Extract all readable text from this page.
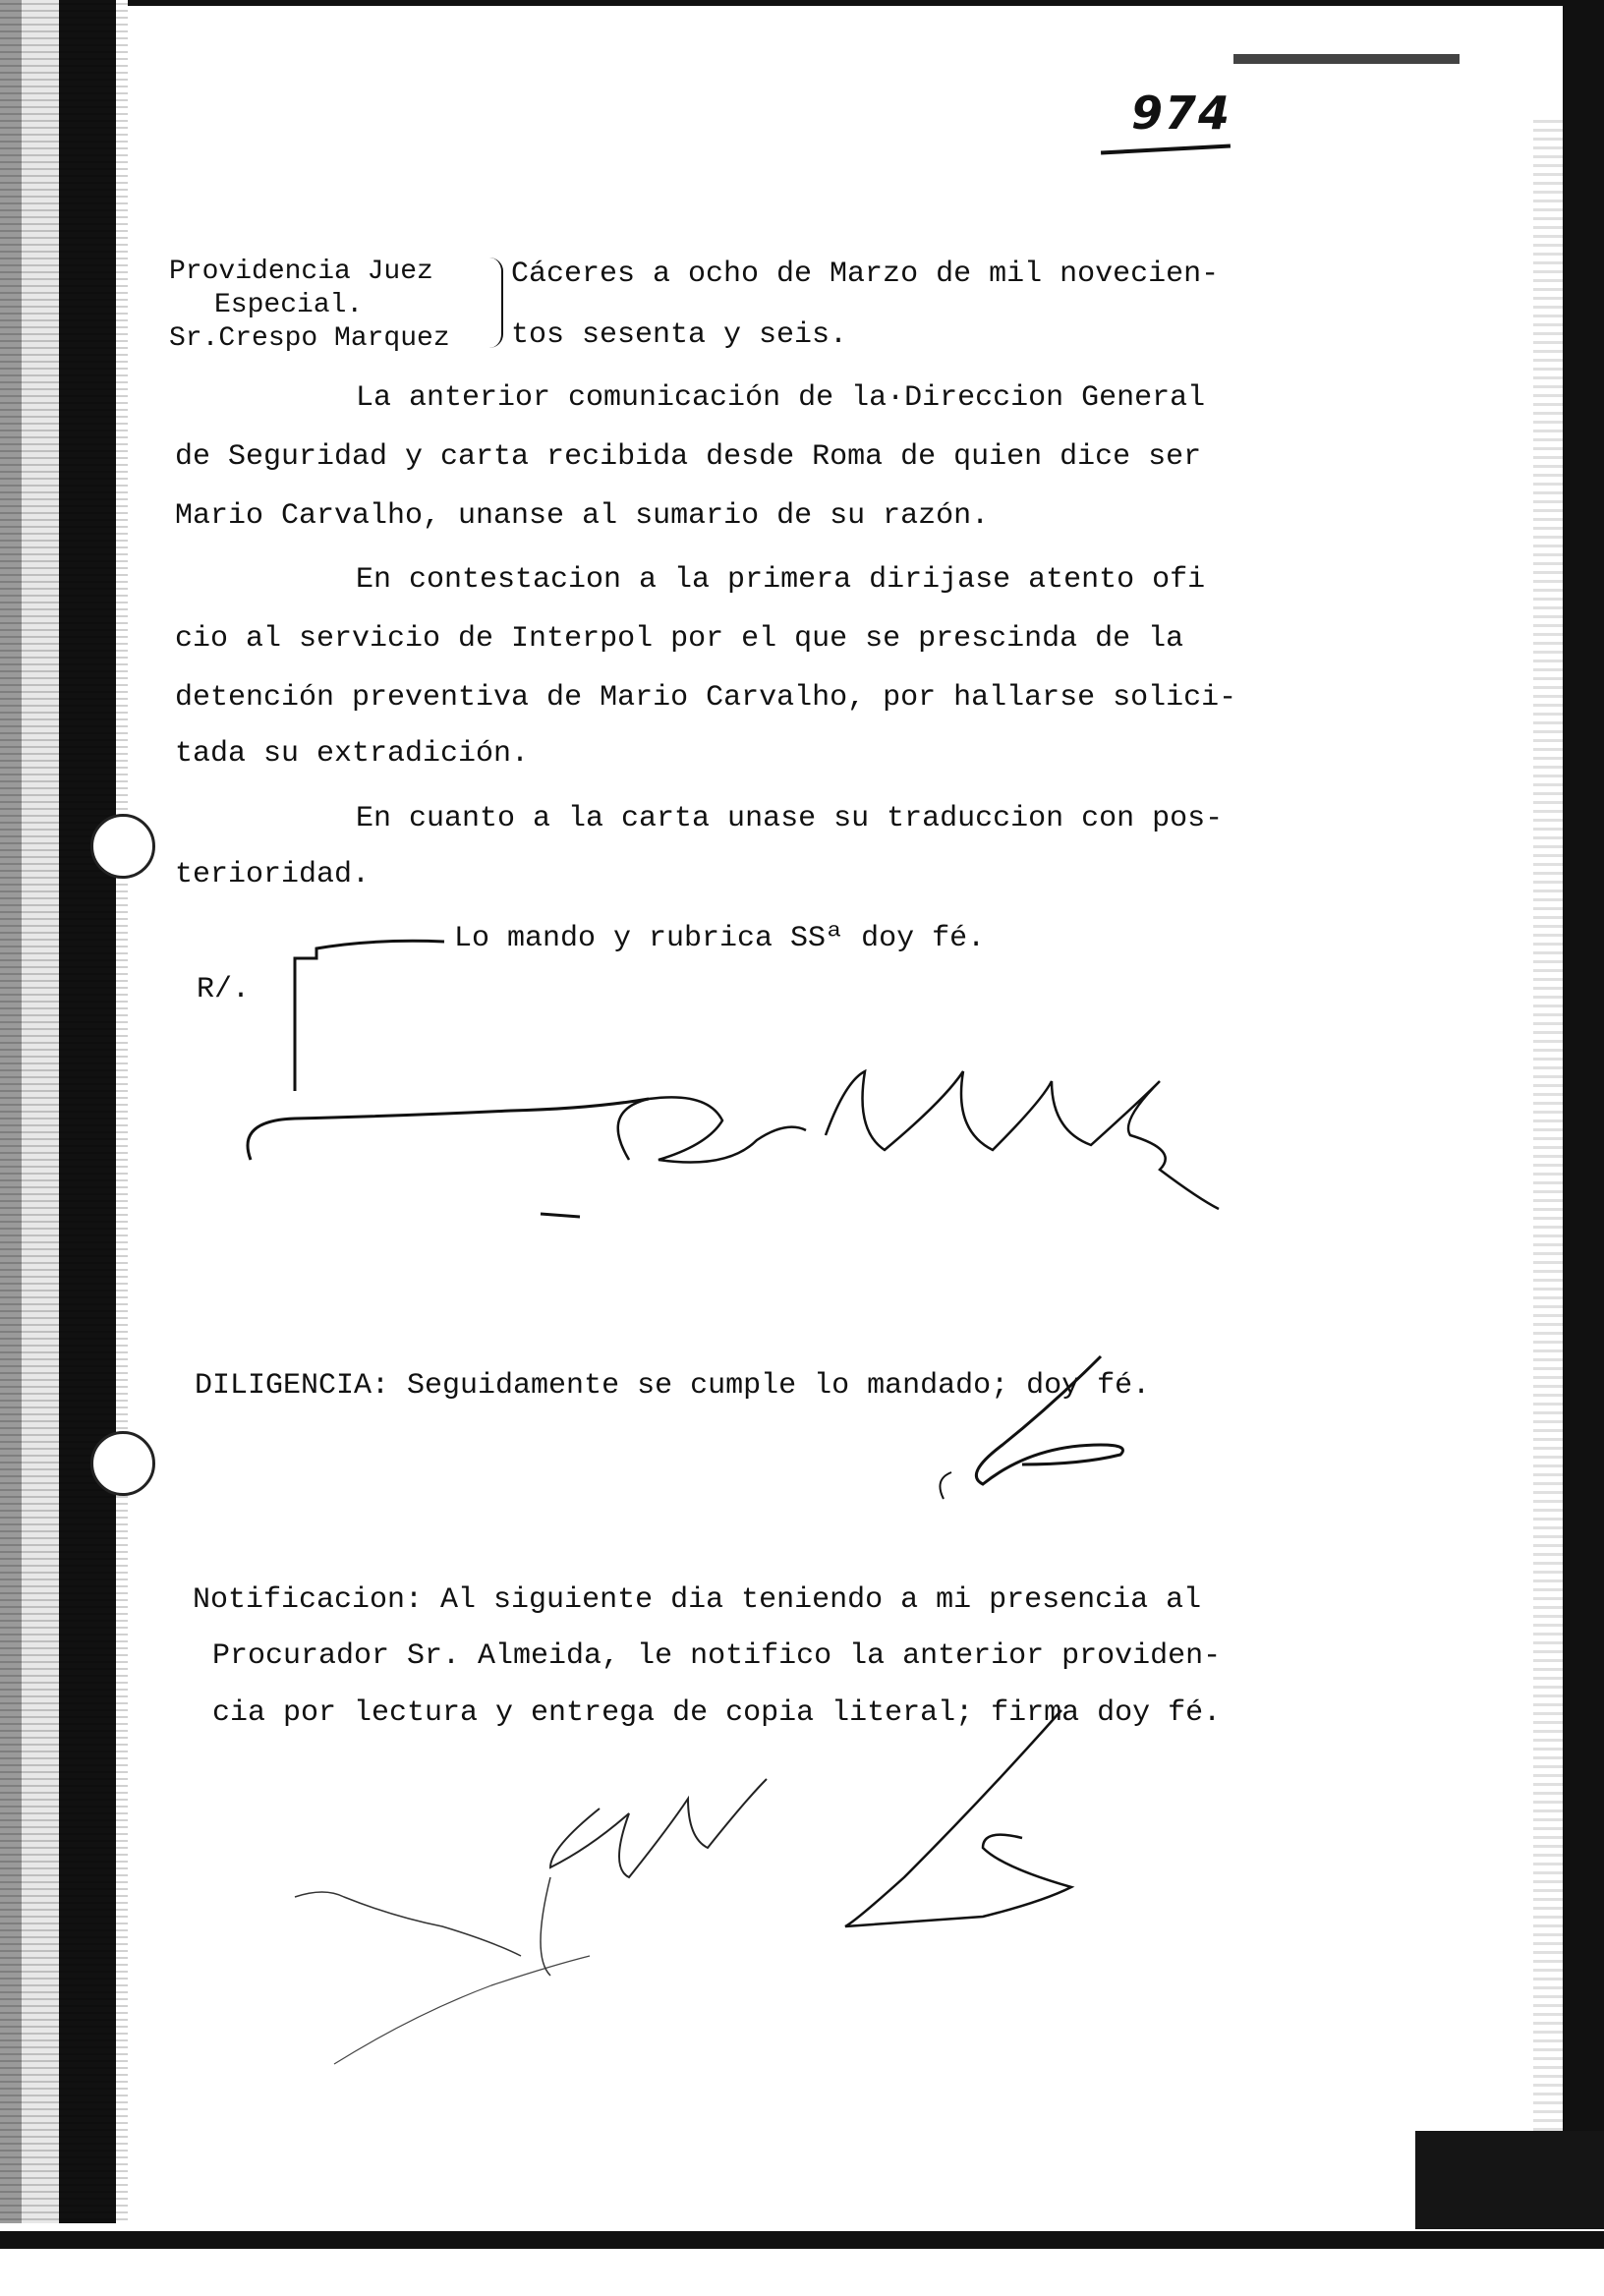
974
Providencia Juez
Especial.
Sr.Crespo Marquez
Cáceres a ocho de Marzo de mil novecien-
tos sesenta y seis.
La anterior comunicación de la·Direccion General
de Seguridad y carta recibida desde Roma de quien dice ser
Mario Carvalho, unanse al sumario de su razón.
En contestacion a la primera dirijase atento ofi
cio al servicio de Interpol por el que se prescinda de la
detención preventiva de Mario Carvalho, por hallarse solici-
tada su extradición.
En cuanto a la carta unase su traduccion con pos-
terioridad.
Lo mando y rubrica SSª doy fé.
R/.
DILIGENCIA: Seguidamente se cumple lo mandado; doy fé.
Notificacion: Al siguiente dia teniendo a mi presencia al
Procurador Sr. Almeida, le notifico la anterior providen-
cia por lectura y entrega de copia literal; firma doy fé.
